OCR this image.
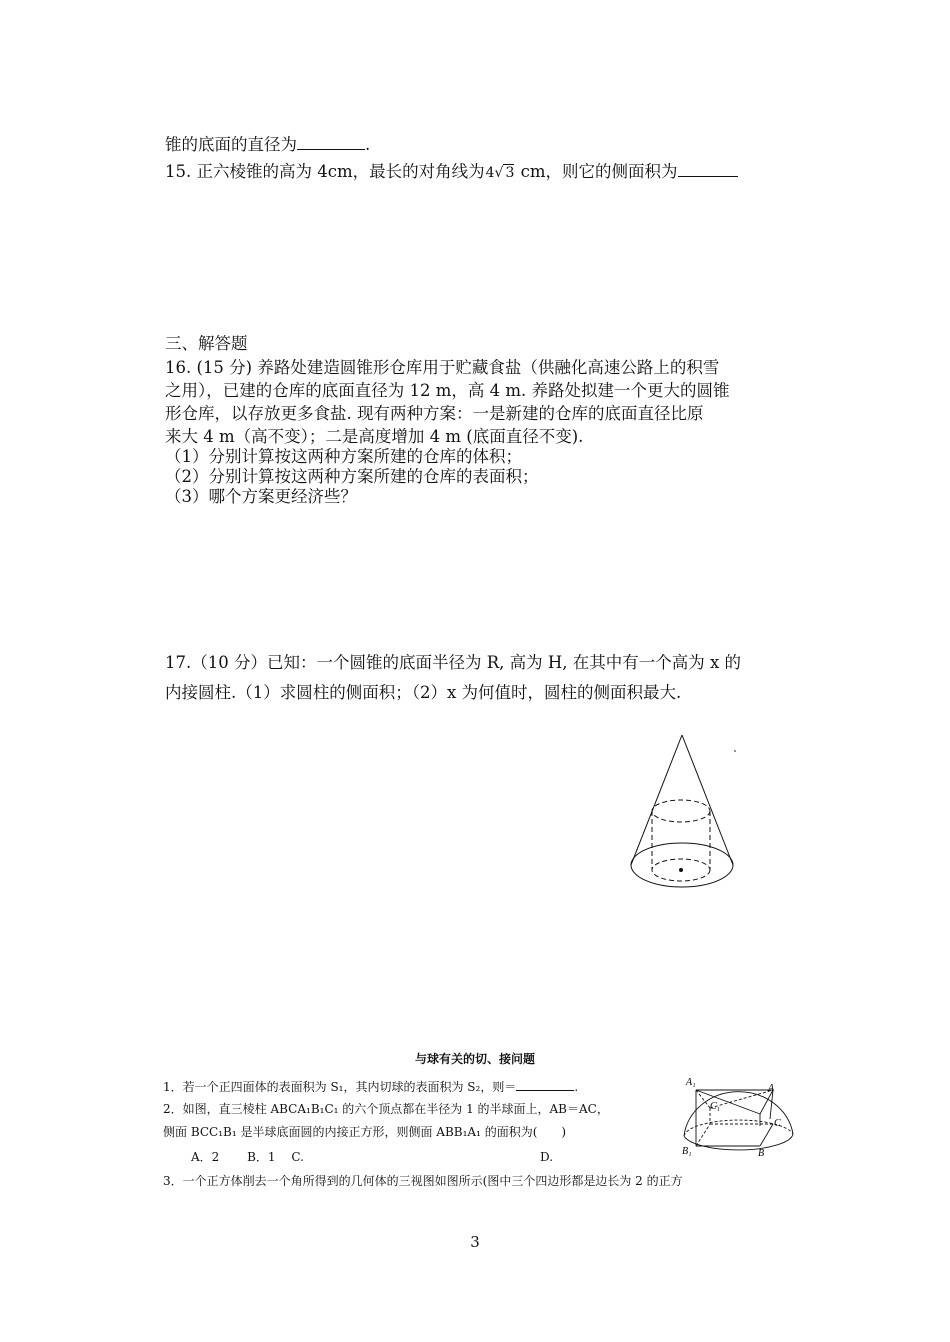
锥的底面的直径为	.
15. 正六棱锥的高为 4cm，最长的对角线为4√ 3 cm，则它的侧面积为
三、解答题
16. (15 分) 养路处建造圆锥形仓库用于贮藏食盐（供融化高速公路上的积雪
之用），已建的仓库的底面直径为 12 m，高 4 m. 养路处拟建一个更大的圆锥
形仓库，以存放更多食盐. 现有两种方案：一是新建的仓库的底面直径比原
来大 4 m（高不变）；二是高度增加 4 m (底面直径不变).
（1）分别计算按这两种方案所建的仓库的体积；
（2）分别计算按这两种方案所建的仓库的表面积；
（3）哪个方案更经济些？
17.（10 分）已知：一个圆锥的底面半径为 R, 高为 H, 在其中有一个高为 x 的
内接圆柱.（1）求圆柱的侧面积；（2）x 为何值时，圆柱的侧面积最大.
与球有关的切、接问题
1．若一个正四面体的表面积为 S₁，其内切球的表面积为 S₂，则＝	.
2．如图，直三棱柱 ABCA₁B₁C₁ 的六个顶点都在半径为 1 的半球面上，AB＝AC，
侧面 BCC₁B₁ 是半球底面圆的内接正方形，则侧面 ABB₁A₁ 的面积为(　　)
A．2　　 B．1　 C.	D.
3．一个正方体削去一个角所得到的几何体的三视图如图所示(图中三个四边形都是边长为 2 的正方
A₁
A
C₁
C
B₁	B
3
